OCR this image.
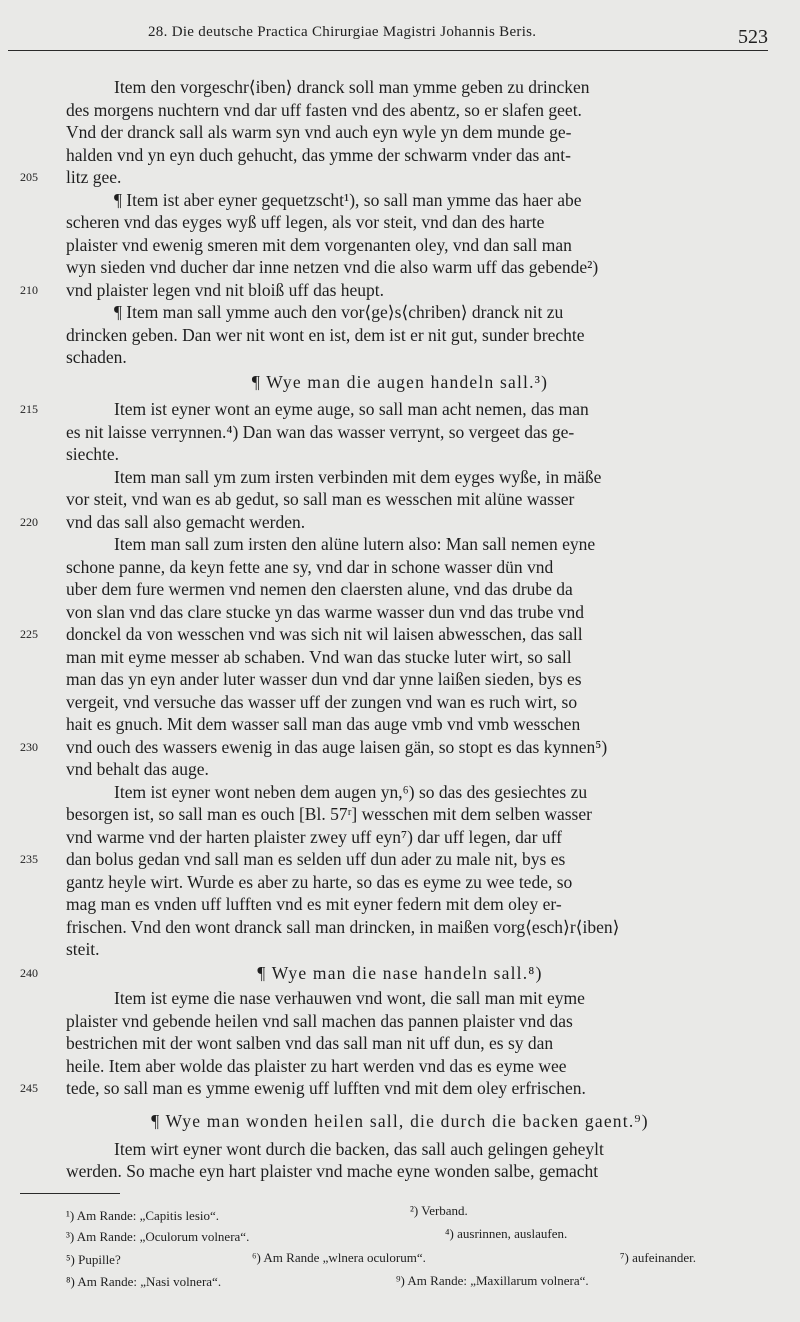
28. Die deutsche Practica Chirurgiae Magistri Johannis Beris.	523
Item den vorgeschr⟨iben⟩ dranck soll man ymme geben zu drincken
des morgens nuchtern vnd dar uff fasten vnd des abentz, so er slafen geet.
Vnd der dranck sall als warm syn vnd auch eyn wyle yn dem munde ge-
halden vnd yn eyn duch gehucht, das ymme der schwarm vnder das ant-
litz gee.
¶ Item ist aber eyner gequetzscht¹), so sall man ymme das haer abe
scheren vnd das eyges wyß uff legen, als vor steit, vnd dan des harte
plaister vnd ewenig smeren mit dem vorgenanten oley, vnd dan sall man
wyn sieden vnd ducher dar inne netzen vnd die also warm uff das gebende²)
vnd plaister legen vnd nit bloiß uff das heupt.
¶ Item man sall ymme auch den vor⟨ge⟩s⟨chriben⟩ dranck nit zu
drincken geben. Dan wer nit wont en ist, dem ist er nit gut, sunder brechte
schaden.
¶ Wye man die augen handeln sall.³)
Item ist eyner wont an eyme auge, so sall man acht nemen, das man
es nit laisse verrynnen.⁴) Dan wan das wasser verrynt, so vergeet das ge-
siechte.
Item man sall ym zum irsten verbinden mit dem eyges wyße, in mäße
vor steit, vnd wan es ab gedut, so sall man es wesschen mit alüne wasser
vnd das sall also gemacht werden.
Item man sall zum irsten den alüne lutern also: Man sall nemen eyne
schone panne, da keyn fette ane sy, vnd dar in schone wasser dün vnd
uber dem fure wermen vnd nemen den claersten alune, vnd das drube da
von slan vnd das clare stucke yn das warme wasser dun vnd das trube vnd
donckel da von wesschen vnd was sich nit wil laisen abwesschen, das sall
man mit eyme messer ab schaben. Vnd wan das stucke luter wirt, so sall
man das yn eyn ander luter wasser dun vnd dar ynne laißen sieden, bys es
vergeit, vnd versuche das wasser uff der zungen vnd wan es ruch wirt, so
hait es gnuch. Mit dem wasser sall man das auge vmb vnd vmb wesschen
vnd ouch des wassers ewenig in das auge laisen gän, so stopt es das kynnen⁵)
vnd behalt das auge.
Item ist eyner wont neben dem augen yn,⁶) so das des gesiechtes zu
besorgen ist, so sall man es ouch [Bl. 57ʳ] wesschen mit dem selben wasser
vnd warme vnd der harten plaister zwey uff eyn⁷) dar uff legen, dar uff
dan bolus gedan vnd sall man es selden uff dun ader zu male nit, bys es
gantz heyle wirt. Wurde es aber zu harte, so das es eyme zu wee tede, so
mag man es vnden uff lufften vnd es mit eyner federn mit dem oley er-
frischen. Vnd den wont dranck sall man drincken, in maißen vorg⟨esch⟩r⟨iben⟩
steit.
¶ Wye man die nase handeln sall.⁸)
Item ist eyme die nase verhauwen vnd wont, die sall man mit eyme
plaister vnd gebende heilen vnd sall machen das pannen plaister vnd das
bestrichen mit der wont salben vnd das sall man nit uff dun, es sy dan
heile. Item aber wolde das plaister zu hart werden vnd das es eyme wee
tede, so sall man es ymme ewenig uff lufften vnd mit dem oley erfrischen.
¶ Wye man wonden heilen sall, die durch die backen gaent.⁹)
Item wirt eyner wont durch die backen, das sall auch gelingen geheylt
werden. So mache eyn hart plaister vnd mache eyne wonden salbe, gemacht
205
210
215
220
225
230
235
240
245
¹) Am Rande: „Capitis lesio“.	²) Verband.
³) Am Rande: „Oculorum volnera“.	⁴) ausrinnen, auslaufen.
⁵) Pupille?	⁶) Am Rande „wlnera oculorum“.	⁷) aufeinander.
⁸) Am Rande: „Nasi volnera“.	⁹) Am Rande: „Maxillarum volnera“.
